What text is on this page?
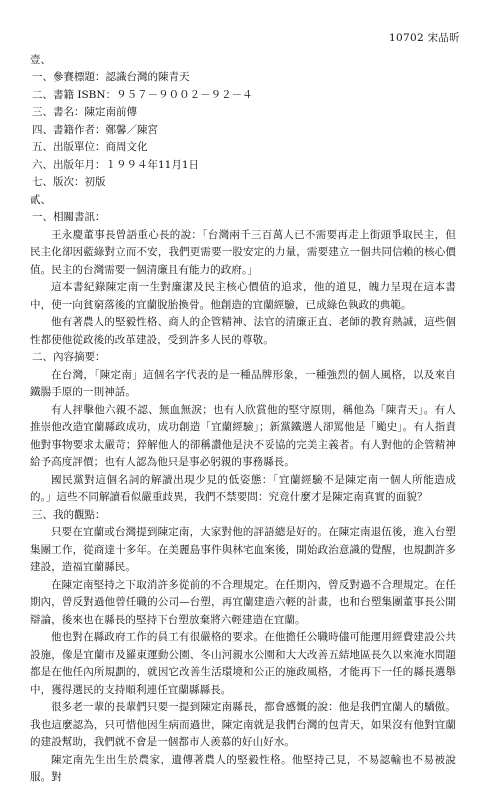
10702 宋品昕
壹、
一、參賽標題：認識台灣的陳青天
二、書籍 ISBN：９５７－９００２－９２－４
三、書名：陳定南前傳
四、書籍作者：鄭馨／陳宮
五、出版單位：商周文化
六、出版年月：１９９４年11月1日
七、版次：初版
貳、
一、相關書訊：
王永慶董事長曾語重心長的說：「台灣兩千三百萬人已不需要再走上街頭爭取民主，但民主化卻因藍綠對立而不安，我們更需要一股安定的力量，需要建立一個共同信賴的核心價值。民主的台灣需要一個清廉且有能力的政府。」
這本書紀錄陳定南一生對廉潔及民主核心價值的追求，他的道見，魄力呈現在這本書中，使一向貧窮落後的宜蘭脫胎換骨。他創造的宜蘭經驗，已成綠色執政的典範。
他有著農人的堅毅性格、商人的企管精神、法官的清廉正直、老師的教育熱誠，這些個性都使他從政後的改革建設，受到許多人民的尊敬。
二、內容摘要：
在台灣，「陳定南」這個名字代表的是一種品牌形象，一種強烈的個人風格，以及來自鐵腸手原的一則神話。
有人抨擊他六親不認、無血無淚；也有人欣賞他的堅守原則，稱他為「陳青天」。有人推崇他改造宜蘭縣政成功，成功創造「宜蘭經驗」；新黨鐵選人卻罵他是「颱史」。有人指責他對事物要求太嚴苛；猝解他人的卻稱讚他是決不妥協的完美主義者。有人對他的企管精神給予高度評價；也有人認為他只是事必躬親的事務縣長。
國民黨對這個名詞的解讀出現少見的低姿態：「宜蘭經驗不是陳定南一個人所能造成的。」這些不同解讀看似嚴重歧異，我們不禁要問：究竟什麼才是陳定南真實的面貌？
三、我的觀點：
只要在宜蘭或台灣提到陳定南，大家對他的評語總是好的。在陳定南退伍後，進入台塑集團工作，從商達十多年。在美麗島事件與林宅血案後，開始政治意識的覺醒，也規劃許多建設，造福宜蘭縣民。
在陳定南堅持之下取消許多從前的不合理規定。在任期內，曾反對過不合理規定。在任期內，曾反對過他曾任職的公司—台塑，再宜蘭建造六輕的計畫，也和台塑集團董事長公開辯論，後來也在縣長的堅持下台塑放棄將六輕建造在宜蘭。
他也對在縣政府工作的員工有很嚴格的要求。在他擔任公職時儘可能運用經費建設公共設施，像是宜蘭市及羅東運動公園、冬山河親水公園和大大改善五結地區長久以來淹水問題都是在他任內所規劃的，就因它改善生活環境和公正的施政風格，才能再下一任的縣長選舉中，獲得選民的支持順利連任宜蘭縣縣長。
很多老一輩的長輩們只要一提到陳定南縣長，都會感慨的說：他是我們宜蘭人的驕傲。我也這麼認為，只可惜他因生病而過世，陳定南就是我們台灣的包青天，如果沒有他對宜蘭的建設幫助，我們就不會是一個都市人羨慕的好山好水。
陳定南先生出生於農家，遺傳著農人的堅毅性格。他堅持己見，不易認輸也不易被說服。對
